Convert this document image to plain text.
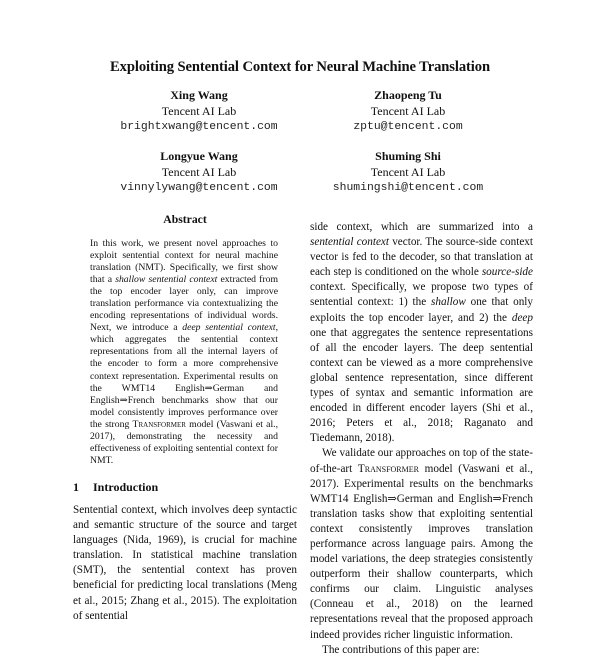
Exploiting Sentential Context for Neural Machine Translation
Xing Wang
Tencent AI Lab
brightxwang@tencent.com
Zhaopeng Tu
Tencent AI Lab
zptu@tencent.com
Longyue Wang
Tencent AI Lab
vinnylywang@tencent.com
Shuming Shi
Tencent AI Lab
shumingshi@tencent.com
Abstract

In this work, we present novel approaches to exploit sentential context for neural machine translation (NMT). Specifically, we first show that a shallow sentential context extracted from the top encoder layer only, can improve translation performance via contextualizing the encoding representations of individual words. Next, we introduce a deep sentential context, which aggregates the sentential context representations from all the internal layers of the encoder to form a more comprehensive context representation. Experimental results on the WMT14 English⇒German and English⇒French benchmarks show that our model consistently improves performance over the strong Transformer model (Vaswani et al., 2017), demonstrating the necessity and effectiveness of exploiting sentential context for NMT.

1 Introduction

Sentential context, which involves deep syntactic and semantic structure of the source and target languages (Nida, 1969), is crucial for machine translation. In statistical machine translation (SMT), the sentential context has proven beneficial for predicting local translations (Meng et al., 2015; Zhang et al., 2015). The exploitation of sentential

side context, which are summarized into a sentential context vector. The source-side context vector is fed to the decoder, so that translation at each step is conditioned on the whole source-side context. Specifically, we propose two types of sentential context: 1) the shallow one that only exploits the top encoder layer, and 2) the deep one that aggregates the sentence representations of all the encoder layers. The deep sentential context can be viewed as a more comprehensive global sentence representation, since different types of syntax and semantic information are encoded in different encoder layers (Shi et al., 2016; Peters et al., 2018; Raganato and Tiedemann, 2018).

We validate our approaches on top of the state-of-the-art Transformer model (Vaswani et al., 2017). Experimental results on the benchmarks WMT14 English⇒German and English⇒French translation tasks show that exploiting sentential context consistently improves translation performance across language pairs. Among the model variations, the deep strategies consistently outperform their shallow counterparts, which confirms our claim. Linguistic analyses (Conneau et al., 2018) on the learned representations reveal that the proposed approach indeed provides richer linguistic information.

The contributions of this paper are:
